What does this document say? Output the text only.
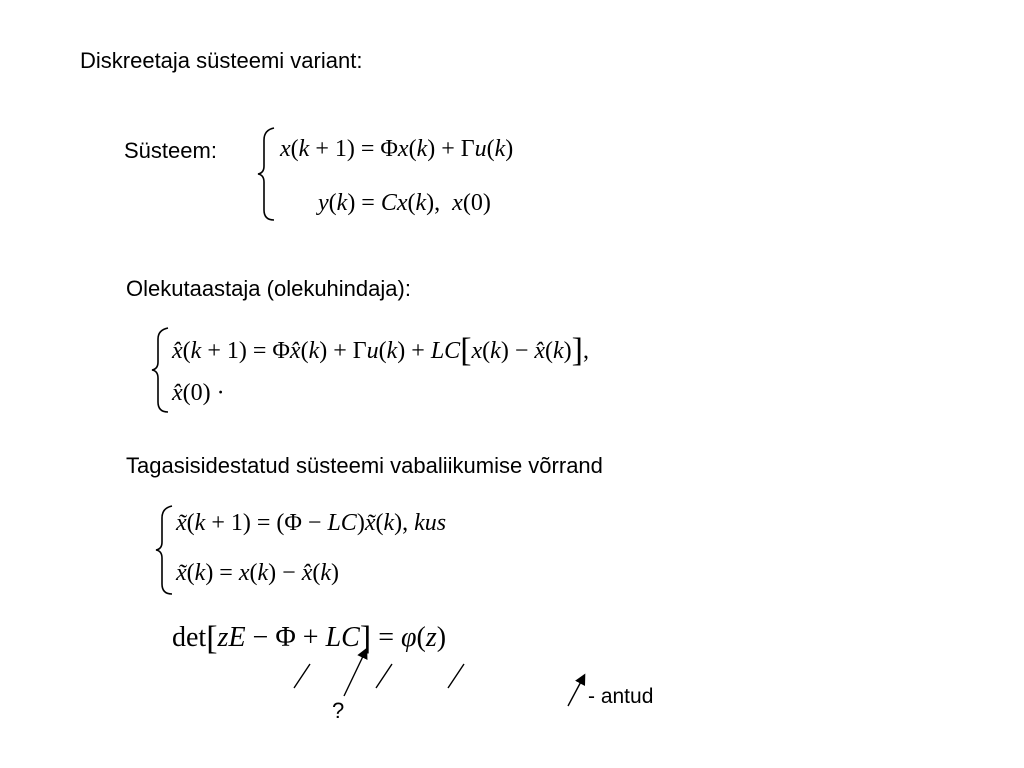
Diskreetaja süsteemi variant:
Süsteem:	x(k + 1) = Φx(k) + Γu(k)
y(k) = Cx(k),  x(0)
Olekutaastaja (olekuhindaja):
x̂(k + 1) = Φx̂(k) + Γu(k) + LC[x(k) − x̂(k)],
x̂(0) ·
Tagasisidestatud süsteemi vabaliikumise võrrand
x̃(k + 1) = (Φ − LC)x̃(k), kus
x̃(k) = x(k) − x̂(k)
det[zE − Φ + LC] = φ(z)
?
- antud
